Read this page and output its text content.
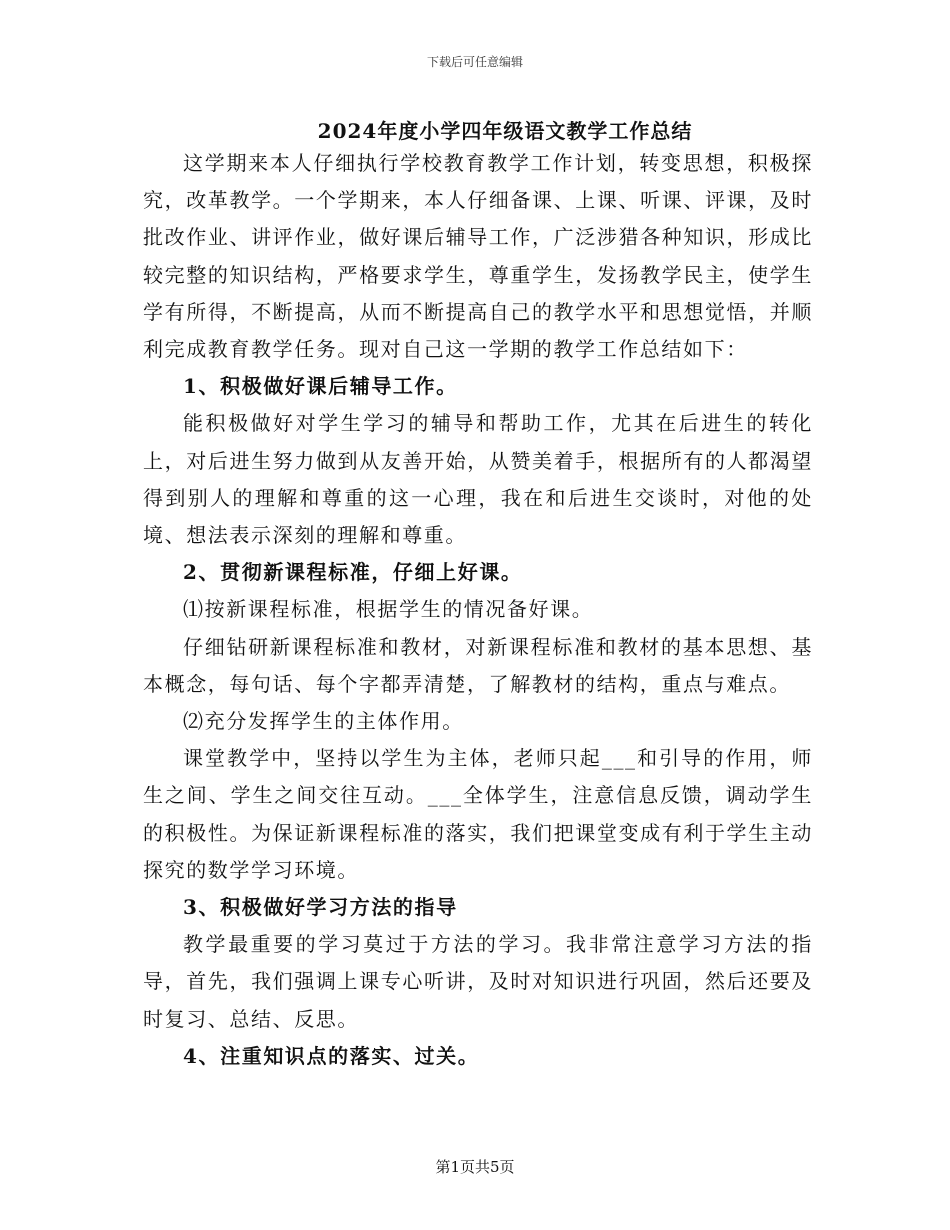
下载后可任意编辑
2024年度小学四年级语文教学工作总结

这学期来本人仔细执行学校教育教学工作计划，转变思想，积极探究，改革教学。一个学期来，本人仔细备课、上课、听课、评课，及时批改作业、讲评作业，做好课后辅导工作，广泛涉猎各种知识，形成比较完整的知识结构，严格要求学生，尊重学生，发扬教学民主，使学生学有所得，不断提高，从而不断提高自己的教学水平和思想觉悟，并顺利完成教育教学任务。现对自己这一学期的教学工作总结如下：

1、积极做好课后辅导工作。

能积极做好对学生学习的辅导和帮助工作，尤其在后进生的转化上，对后进生努力做到从友善开始，从赞美着手，根据所有的人都渴望得到别人的理解和尊重的这一心理，我在和后进生交谈时，对他的处境、想法表示深刻的理解和尊重。

2、贯彻新课程标准，仔细上好课。

⑴按新课程标准，根据学生的情况备好课。

仔细钻研新课程标准和教材，对新课程标准和教材的基本思想、基本概念，每句话、每个字都弄清楚，了解教材的结构，重点与难点。

⑵充分发挥学生的主体作用。

课堂教学中，坚持以学生为主体，老师只起___和引导的作用，师生之间、学生之间交往互动。___全体学生，注意信息反馈，调动学生的积极性。为保证新课程标准的落实，我们把课堂变成有利于学生主动探究的数学学习环境。

3、积极做好学习方法的指导

教学最重要的学习莫过于方法的学习。我非常注意学习方法的指导，首先，我们强调上课专心听讲，及时对知识进行巩固，然后还要及时复习、总结、反思。

4、注重知识点的落实、过关。

第1页共5页
